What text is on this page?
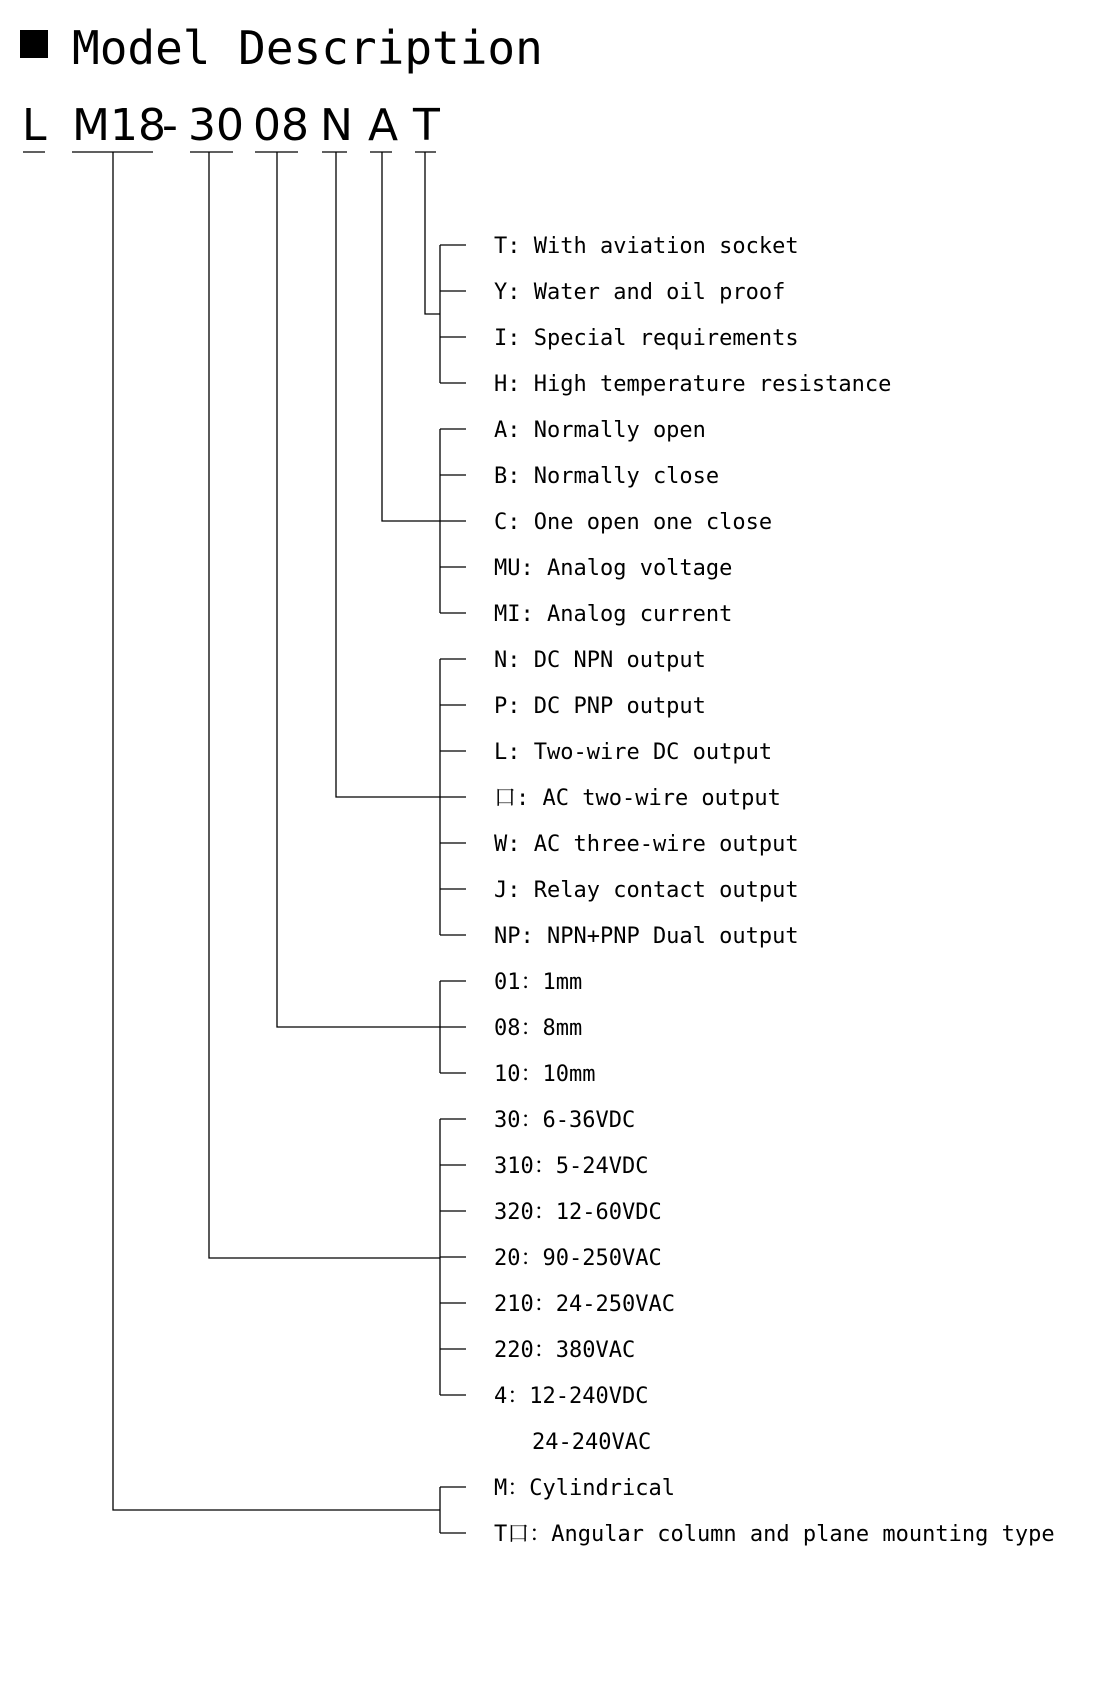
Model Description
L M18
- 30 08 N A T
T: With aviation socket
Y: Water and oil proof
I: Special requirements
H: High temperature resistance
A: Normally open
B: Normally close
C: One open one close
MU: Analog voltage
MI: Analog current
N: DC NPN output
P: DC PNP output
L: Two-wire DC output
口: AC two-wire output
W: AC three-wire output
J: Relay contact output
NP: NPN+PNP Dual output
01：1mm
08：8mm
10：10mm
30：6-36VDC
310：5-24VDC
320：12-60VDC
20：90-250VAC
210：24-250VAC
220：380VAC
4：12-240VDC
24-240VAC
M：Cylindrical
T口：Angular column and plane mounting type
